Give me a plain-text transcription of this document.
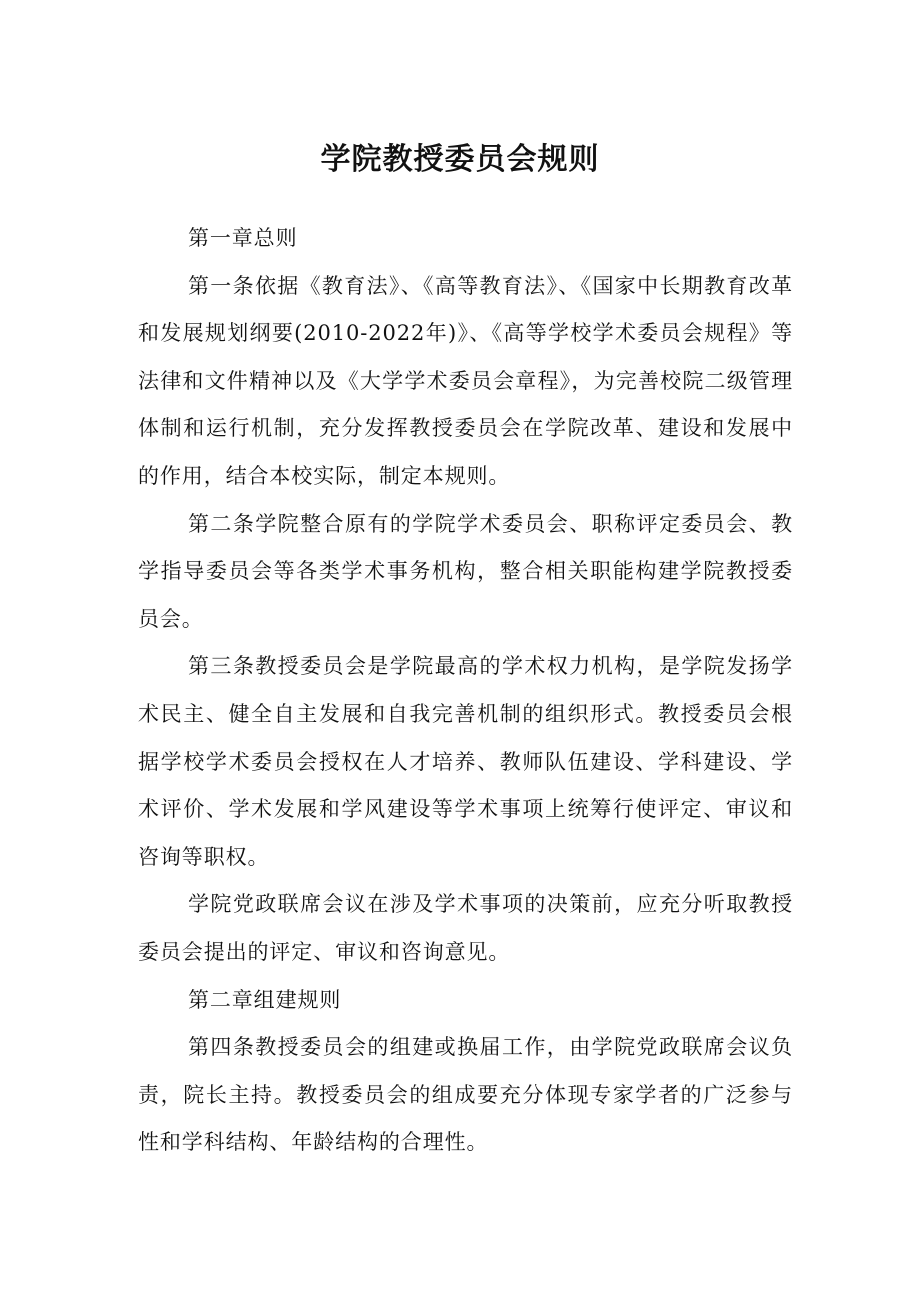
学院教授委员会规则

第一章总则

第一条依据《教育法》、《高等教育法》、《国家中长期教育改革和发展规划纲要(2010-2022年)》、《高等学校学术委员会规程》等法律和文件精神以及《大学学术委员会章程》，为完善校院二级管理体制和运行机制，充分发挥教授委员会在学院改革、建设和发展中的作用，结合本校实际，制定本规则。

第二条学院整合原有的学院学术委员会、职称评定委员会、教学指导委员会等各类学术事务机构，整合相关职能构建学院教授委员会。

第三条教授委员会是学院最高的学术权力机构，是学院发扬学术民主、健全自主发展和自我完善机制的组织形式。教授委员会根据学校学术委员会授权在人才培养、教师队伍建设、学科建设、学术评价、学术发展和学风建设等学术事项上统筹行使评定、审议和咨询等职权。

学院党政联席会议在涉及学术事项的决策前，应充分听取教授委员会提出的评定、审议和咨询意见。

第二章组建规则

第四条教授委员会的组建或换届工作，由学院党政联席会议负责，院长主持。教授委员会的组成要充分体现专家学者的广泛参与性和学科结构、年龄结构的合理性。
